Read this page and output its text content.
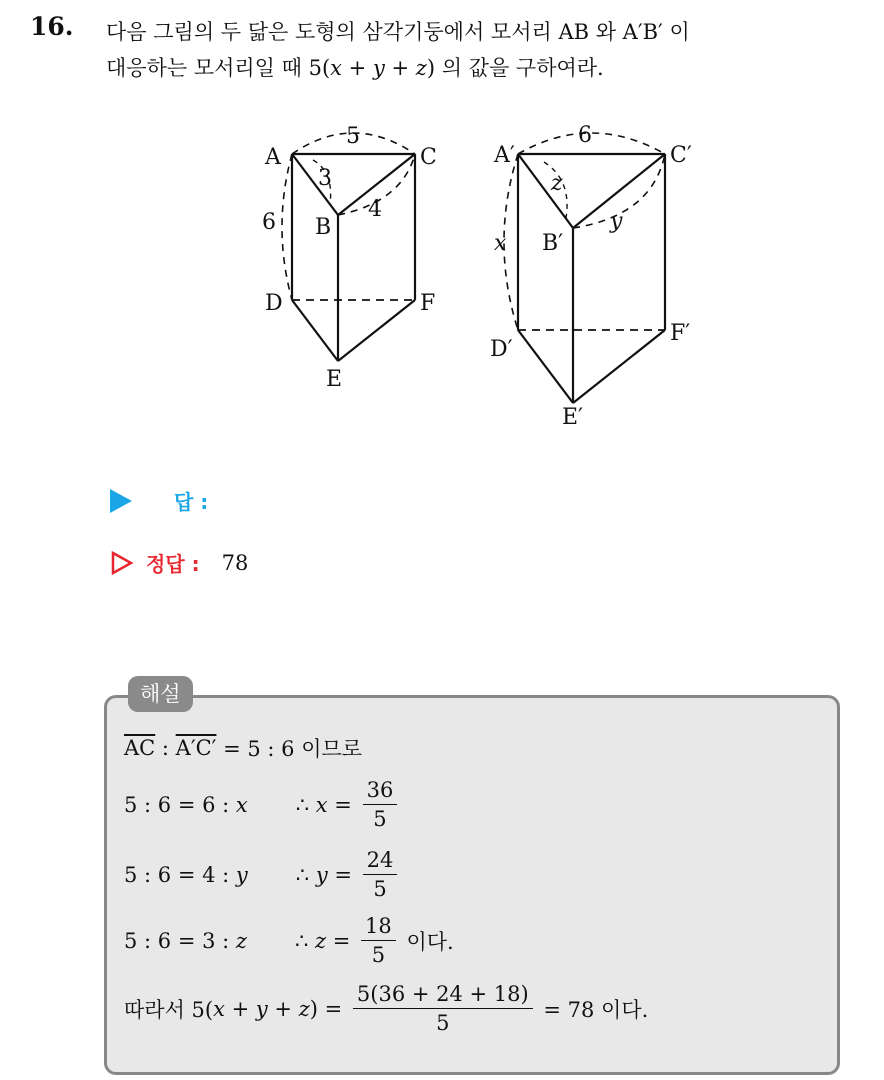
16. 다음 그림의 두 닮은 도형의 삼각기둥에서 모서리 AB 와 A′B′ 이
대응하는 모서리일 때 5(x + y + z) 의 값을 구하여라.
A	C
B
D	F
E
5
3
4
6
A′	C′
B′
D′
F′
E′
6
z
y
x
답 :
정답 : 78
해설
$\overline{AC}$ : A′C′ = 5 : 6 이므로
5 : 6 = 6 : x ∴ $x = \frac{36}{5}$
5 : 6 = 4 : y ∴ $y = \frac{24}{5}$
5 : 6 = 3 : z ∴ $z = \frac{18}{5}$ 이다.
따라서 5( x + y + z ) = $\frac{5(36 + 24 + 18)}{5} = 78$ 이다.
